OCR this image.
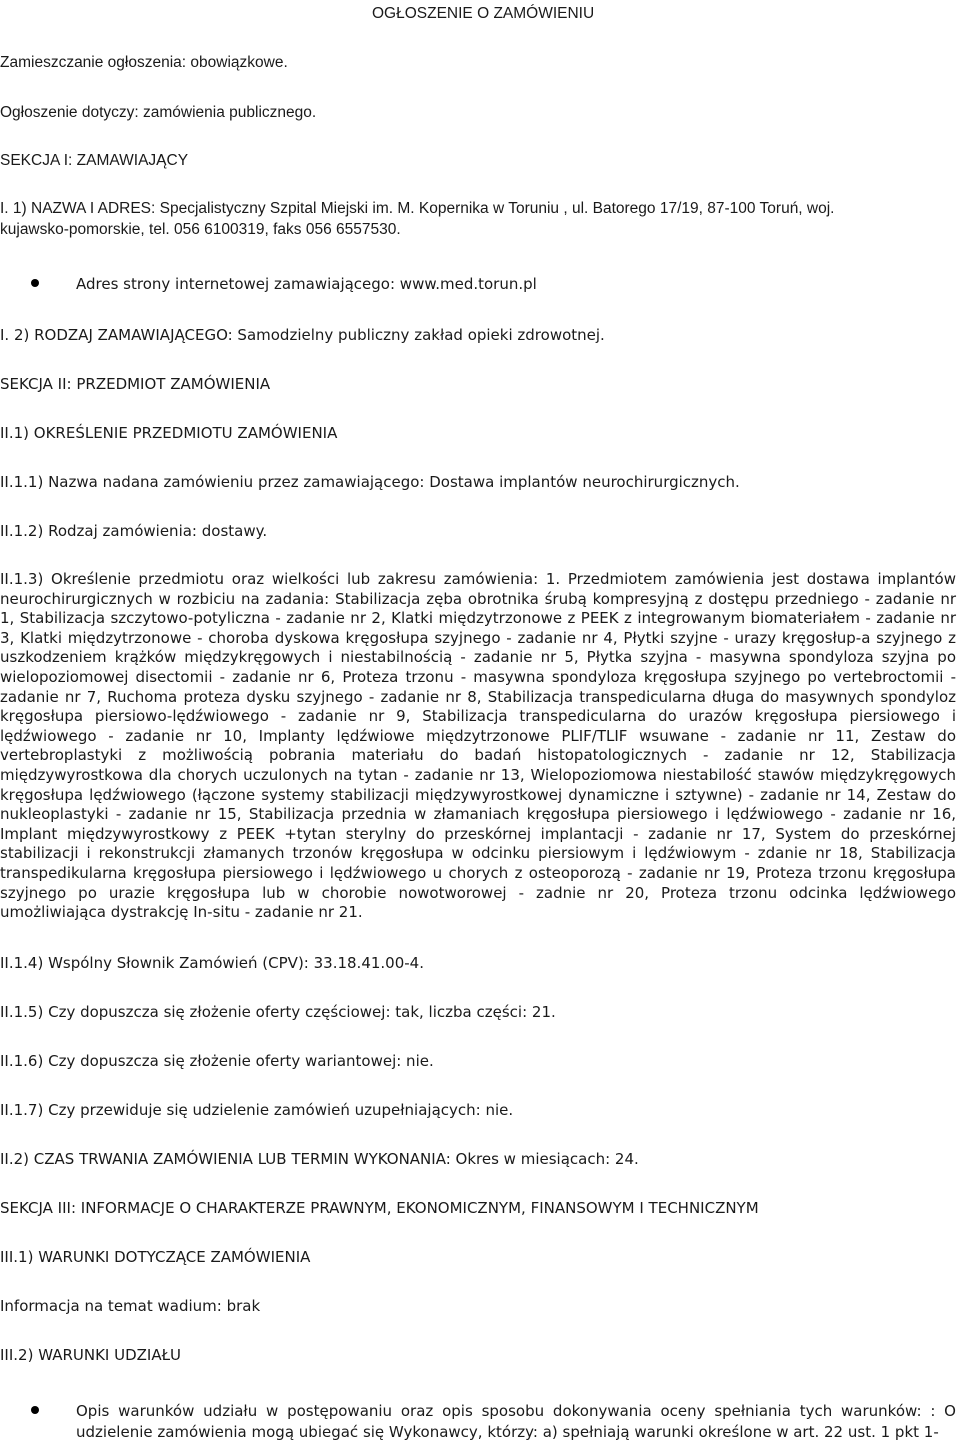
OGŁOSZENIE O ZAMÓWIENIU
Zamieszczanie ogłoszenia: obowiązkowe.
Ogłoszenie dotyczy: zamówienia publicznego.
SEKCJA I: ZAMAWIAJĄCY
I. 1) NAZWA I ADRES: Specjalistyczny Szpital Miejski im. M. Kopernika w Toruniu , ul. Batorego 17/19, 87-100 Toruń, woj.
kujawsko-pomorskie, tel. 056 6100319, faks 056 6557530.
Adres strony internetowej zamawiającego: www.med.torun.pl
I. 2) RODZAJ ZAMAWIAJĄCEGO: Samodzielny publiczny zakład opieki zdrowotnej.
SEKCJA II: PRZEDMIOT ZAMÓWIENIA
II.1) OKREŚLENIE PRZEDMIOTU ZAMÓWIENIA
II.1.1) Nazwa nadana zamówieniu przez zamawiającego: Dostawa implantów neurochirurgicznych.
II.1.2) Rodzaj zamówienia: dostawy.
II.1.3) Określenie przedmiotu oraz wielkości lub zakresu zamówienia: 1. Przedmiotem zamówienia jest dostawa implantów neurochirurgicznych w rozbiciu na zadania: Stabilizacja zęba obrotnika śrubą kompresyjną z dostępu przedniego - zadanie nr 1, Stabilizacja szczytowo-potyliczna - zadanie nr 2, Klatki międzytrzonowe z PEEK z integrowanym biomateriałem - zadanie nr 3, Klatki międzytrzonowe - choroba dyskowa kręgosłupa szyjnego - zadanie nr 4, Płytki szyjne - urazy kręgosłup-a szyjnego z uszkodzeniem krążków międzykręgowych i niestabilnością - zadanie nr 5, Płytka szyjna - masywna spondyloza szyjna po wielopoziomowej disectomii - zadanie nr 6, Proteza trzonu - masywna spondyloza kręgosłupa szyjnego po vertebroctomii - zadanie nr 7, Ruchoma proteza dysku szyjnego - zadanie nr 8, Stabilizacja transpedicularna długa do masywnych spondyloz kręgosłupa piersiowo-lędźwiowego - zadanie nr 9, Stabilizacja transpedicularna do urazów kręgosłupa piersiowego i lędźwiowego - zadanie nr 10, Implanty lędźwiowe międzytrzonowe PLIF/TLIF wsuwane - zadanie nr 11, Zestaw do vertebroplastyki z możliwością pobrania materiału do badań histopatologicznych - zadanie nr 12, Stabilizacja międzywyrostkowa dla chorych uczulonych na tytan - zadanie nr 13, Wielopoziomowa niestabilość stawów międzykręgowych kręgosłupa lędźwiowego (łączone systemy stabilizacji międzywyrostkowej dynamiczne i sztywne) - zadanie nr 14, Zestaw do nukleoplastyki - zadanie nr 15, Stabilizacja przednia w złamaniach kręgosłupa piersiowego i lędźwiowego - zadanie nr 16, Implant międzywyrostkowy z PEEK +tytan sterylny do przeskórnej implantacji - zadanie nr 17, System do przeskórnej stabilizacji i rekonstrukcji złamanych trzonów kręgosłupa w odcinku piersiowym i lędźwiowym - zdanie nr 18, Stabilizacja transpedikularna kręgosłupa piersiowego i lędźwiowego u chorych z osteoporozą - zadanie nr 19, Proteza trzonu kręgosłupa szyjnego po urazie kręgosłupa lub w chorobie nowotworowej - zadnie nr 20, Proteza trzonu odcinka lędźwiowego umożliwiająca dystrakcję In-situ - zadanie nr 21.
II.1.4) Wspólny Słownik Zamówień (CPV): 33.18.41.00-4.
II.1.5) Czy dopuszcza się złożenie oferty częściowej: tak, liczba części: 21.
II.1.6) Czy dopuszcza się złożenie oferty wariantowej: nie.
II.1.7) Czy przewiduje się udzielenie zamówień uzupełniających: nie.
II.2) CZAS TRWANIA ZAMÓWIENIA LUB TERMIN WYKONANIA: Okres w miesiącach: 24.
SEKCJA III: INFORMACJE O CHARAKTERZE PRAWNYM, EKONOMICZNYM, FINANSOWYM I TECHNICZNYM
III.1) WARUNKI DOTYCZĄCE ZAMÓWIENIA
Informacja na temat wadium: brak
III.2) WARUNKI UDZIAŁU
Opis warunków udziału w postępowaniu oraz opis sposobu dokonywania oceny spełniania tych warunków: : O udzielenie zamówienia mogą ubiegać się Wykonawcy, którzy: a) spełniają warunki określone w art. 22 ust. 1 pkt 1-
